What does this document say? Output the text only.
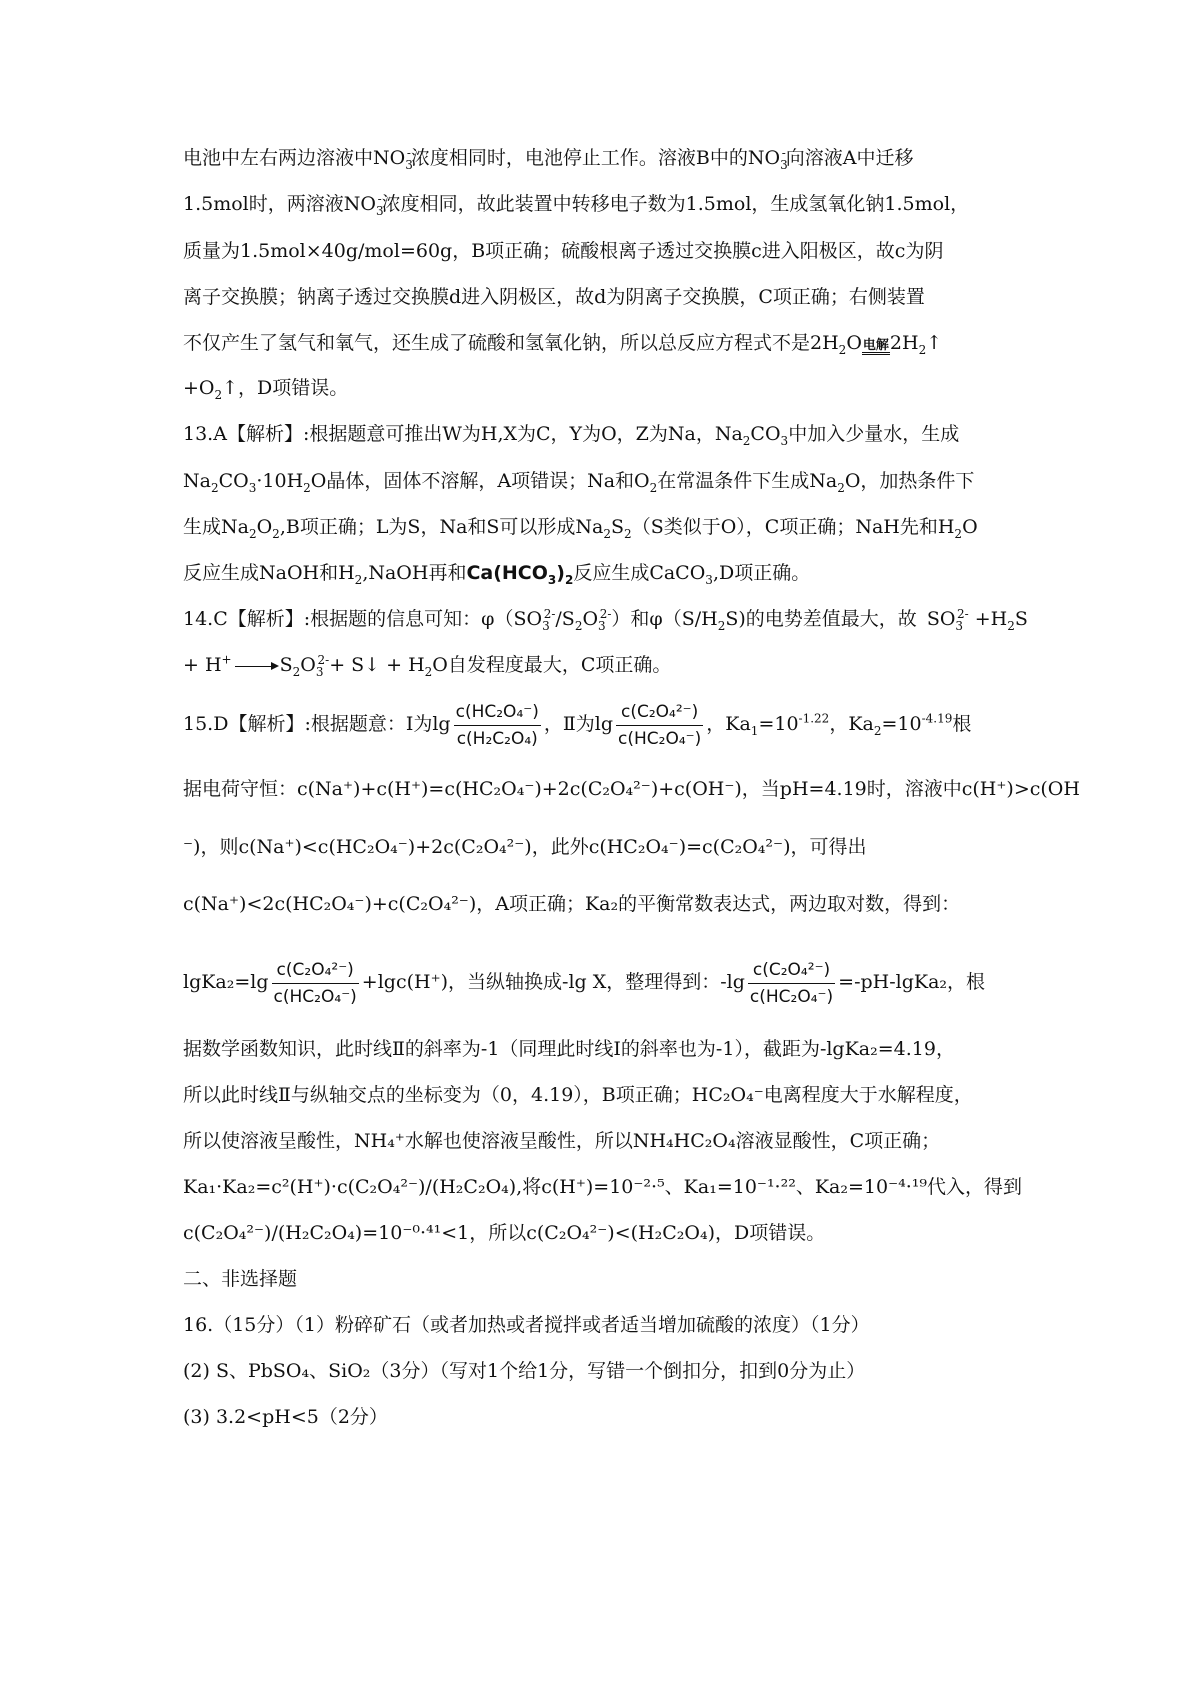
电池中左右两边溶液中$NO_3^-$浓度相同时，电池停止工作。溶液B中的$NO_3^-$向溶液A中迁移
1.5mol时，两溶液$NO_3^-$浓度相同，故此装置中转移电子数为1.5mol，生成氢氧化钠1.5mol，
质量为1.5mol×40g/mol=60g，B项正确；硫酸根离子透过交换膜c进入阳极区，故c为阴
离子交换膜；钠离子透过交换膜d进入阴极区，故d为阴离子交换膜，C项正确；右侧装置
不仅产生了氢气和氧气，还生成了硫酸和氢氧化钠，所以总反应方程式不是$2H_2O$ 电解 $2H_2↑$
$+O_2↑$，D项错误。
13.A【解析】:根据题意可推出W为H,X为C，Y为O，Z为Na，$Na_2CO_3$中加入少量水，生成
$Na_2CO_3\cdot 10H_2O$晶体，固体不溶解，A项错误；Na和$O_2$在常温条件下生成$Na_2O$，加热条件下
生成$Na_2O_2,B$项正确；L为S，Na和S可以形成$Na_2S_2(S$类似于O），C项正确；NaH先和$H_2O$
反应生成NaOH和$H_2,NaOH$再和$Ca(HCO_3)_2$反应生成CaCO$_3$,D项正确。
14.C【解析】:根据题的信息可知：$\varphi(SO_3^{2-}/S_2O_3^{2-})$和$\varphi(S/H_2S)$的电势差值最大，故 $SO_3^{2-} +H_2S$
+ $H^+ \to S_2O_3^{2-}+$ S↓ + $H_2O$自发程度最大，C项正确。
15.D【解析】:根据题意：Ⅰ为$\lg \frac{\text{c(HC₂O₄⁻)}}{\text{c(H₂C₂O₄)}}$ ，Ⅱ为$\lg \frac{\text{c(C₂O₄²⁻)}}{\text{c(HC₂O₄⁻)}}$ ，$Ka_1=10^{-1.22}$，$Ka_2=10^{-4.19}$根
据电荷守恒：c(Na⁺)+c(H⁺)=c(HC₂O₄⁻)+2c(C₂O₄²⁻)+c(OH⁻)，当pH=4.19时，溶液中c(H⁺)>c(OH
⁻)，则c(Na⁺)<c(HC₂O₄⁻)+2c(C₂O₄²⁻)，此外c(HC₂O₄⁻)=c(C₂O₄²⁻)，可得出
c(Na⁺)<2c(HC₂O₄⁻)+c(C₂O₄²⁻)，A项正确；Ka₂的平衡常数表达式，两边取对数，得到：
lgKa₂=lg $\frac{\text{c(C₂O₄²⁻)}}{\text{c(HC₂O₄⁻)}} +\lg c(H^+)$，当纵轴换成-lg X，整理得到：$-\lg \frac{\text{c(C₂O₄²⁻)}}{\text{c(HC₂O₄⁻)}}$ =-pH-lgKa₂，根
据数学函数知识，此时线Ⅱ的斜率为-1（同理此时线Ⅰ的斜率也为-1），截距为-lgKa₂=4.19，
所以此时线Ⅱ与纵轴交点的坐标变为（0，4.19），B项正确；HC₂O₄⁻电离程度大于水解程度，
所以使溶液呈酸性，NH₄⁺水解也使溶液呈酸性，所以NH₄HC₂O₄溶液显酸性，C项正确；
Ka₁·Ka₂=c²(H⁺)·c(C₂O₄²⁻)/(H₂C₂O₄),将c(H⁺)=10⁻²·⁵、Ka₁=10⁻¹·²²、Ka₂=10⁻⁴·¹⁹代入，得到
c(C₂O₄²⁻)/(H₂C₂O₄)=10⁻⁰·⁴¹<1，所以c(C₂O₄²⁻)<(H₂C₂O₄)，D项错误。
二、非选择题
16.（15分）（1）粉碎矿石（或者加热或者搅拌或者适当增加硫酸的浓度）（1分）
(2) S、PbSO₄、SiO₂（3分）（写对1个给1分，写错一个倒扣分，扣到0分为止）
(3) 3.2<pH<5（2分）
